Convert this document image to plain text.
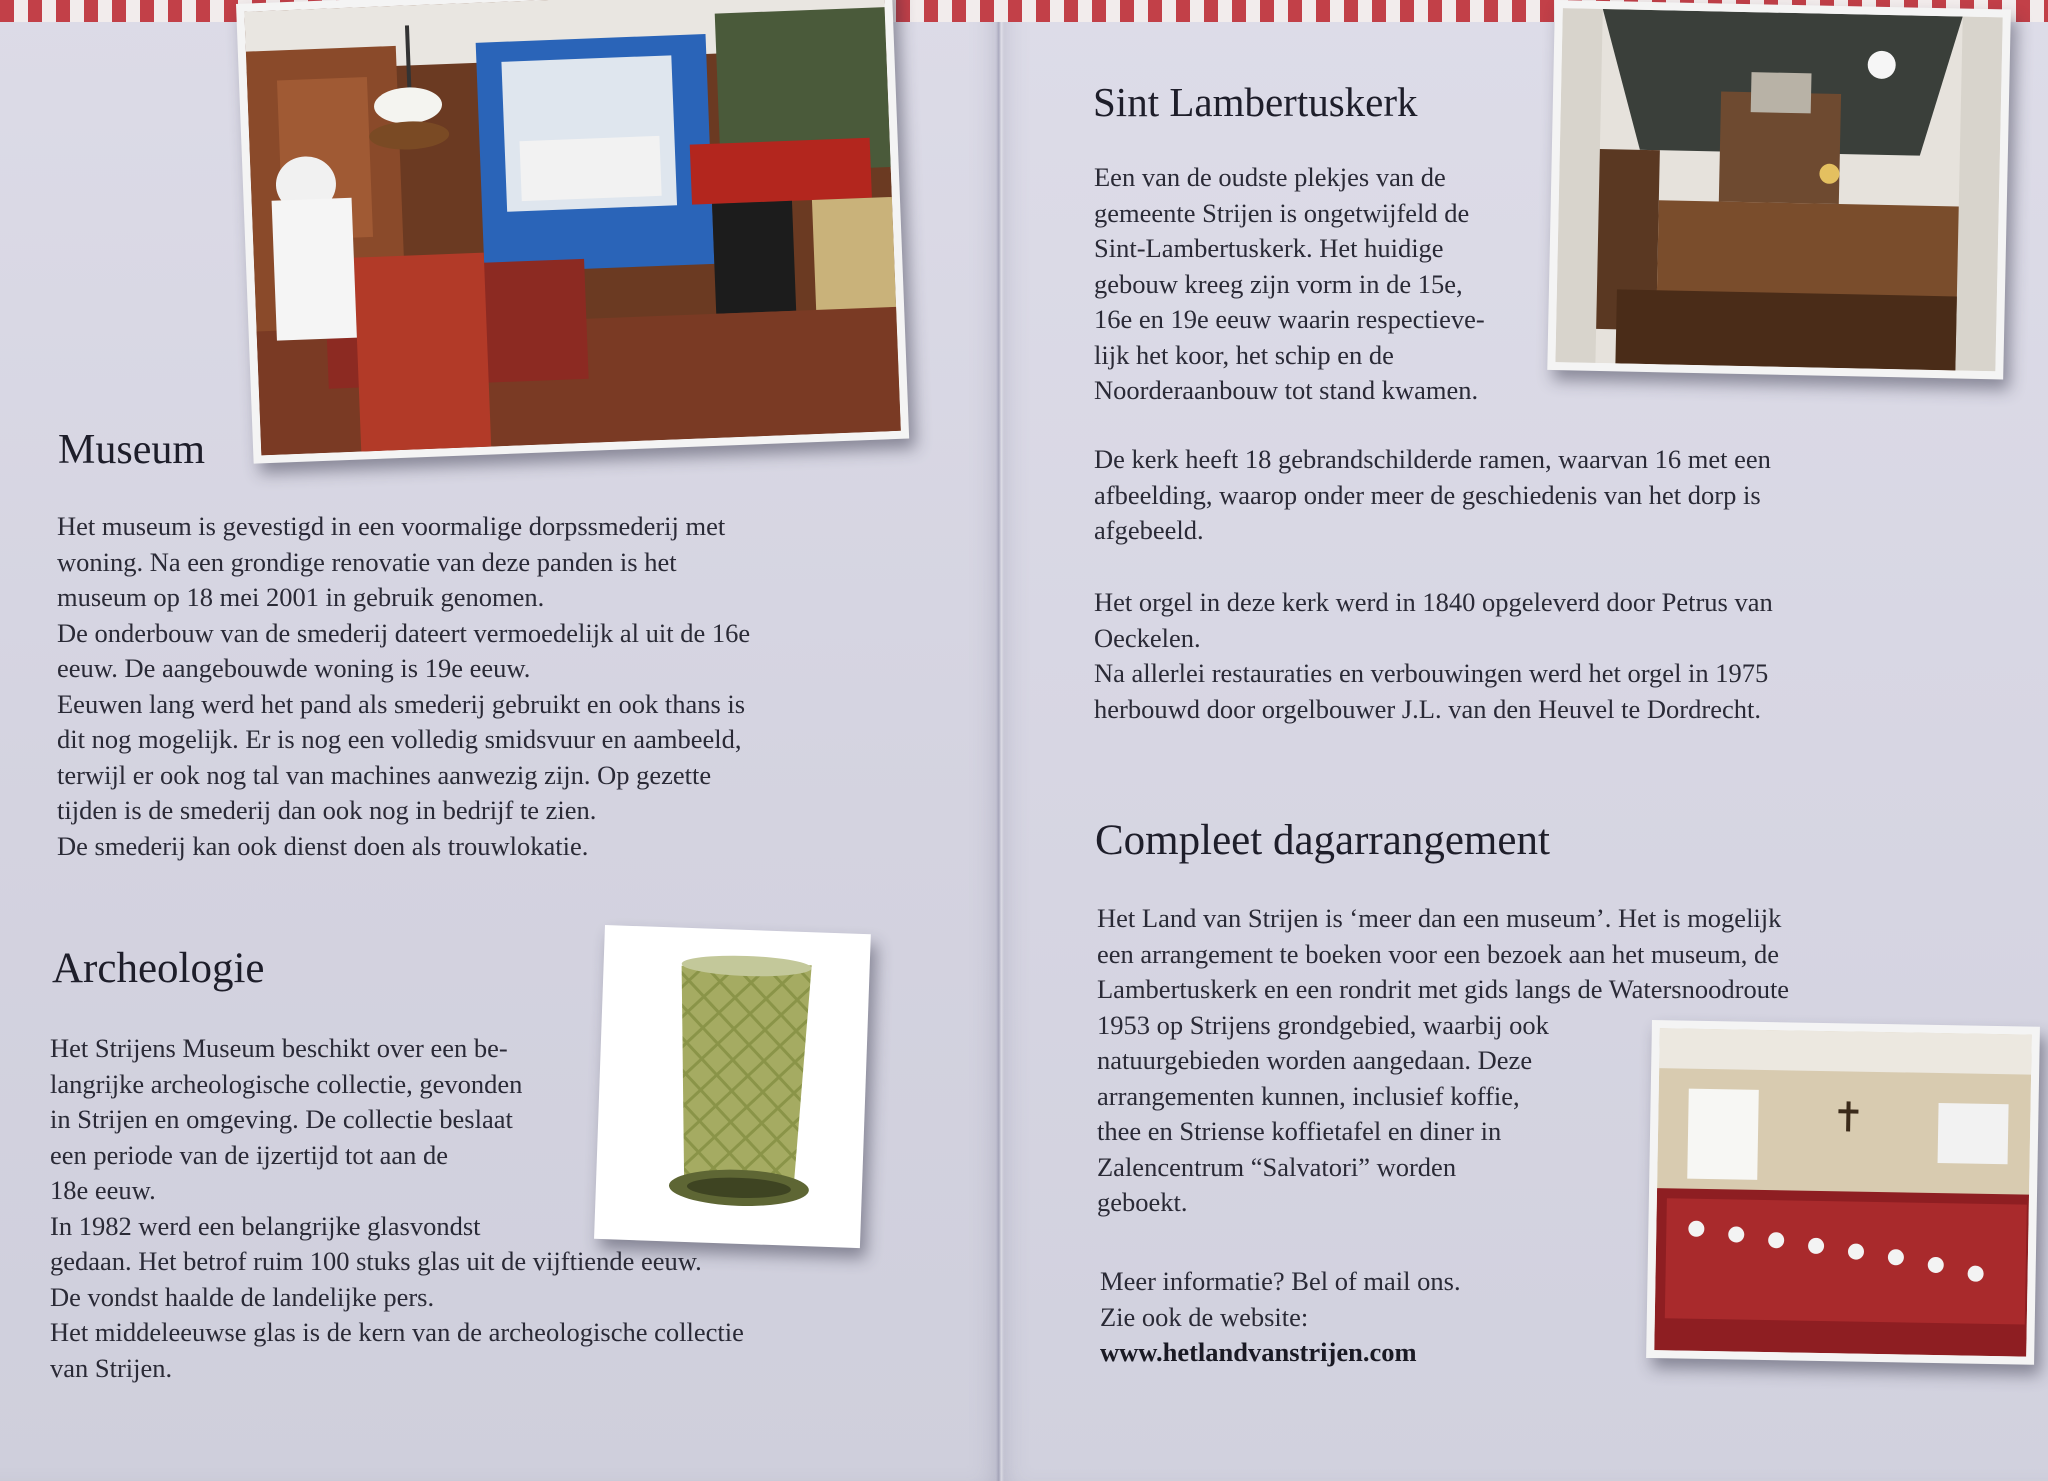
Museum
Het museum is gevestigd in een voormalige dorpssmederij met
woning. Na een grondige renovatie van deze panden is het
museum op 18 mei 2001 in gebruik genomen.
De onderbouw van de smederij dateert vermoedelijk al uit de 16e
eeuw. De aangebouwde woning is 19e eeuw.
Eeuwen lang werd het pand als smederij gebruikt en ook thans is
dit nog mogelijk. Er is nog een volledig smidsvuur en aambeeld,
terwijl er ook nog tal van machines aanwezig zijn. Op gezette
tijden is de smederij dan ook nog in bedrijf te zien.
De smederij kan ook dienst doen als trouwlokatie.
Archeologie
Het Strijens Museum beschikt over een be-
langrijke archeologische collectie, gevonden
in Strijen en omgeving. De collectie beslaat
een periode van de ijzertijd tot aan de
18e eeuw.
In 1982 werd een belangrijke glasvondst
gedaan. Het betrof ruim 100 stuks glas uit de vijftiende eeuw.
De vondst haalde de landelijke pers.
Het middeleeuwse glas is de kern van de archeologische collectie
van Strijen.
Sint Lambertuskerk
Een van de oudste plekjes van de
gemeente Strijen is ongetwijfeld de
Sint-Lambertuskerk. Het huidige
gebouw kreeg zijn vorm in de 15e,
16e en 19e eeuw waarin respectieve-
lijk het koor, het schip en de
Noorderaanbouw tot stand kwamen.
De kerk heeft 18 gebrandschilderde ramen, waarvan 16 met een
afbeelding, waarop onder meer de geschiedenis van het dorp is
afgebeeld.
Het orgel in deze kerk werd in 1840 opgeleverd door Petrus van
Oeckelen.
Na allerlei restauraties en verbouwingen werd het orgel in 1975
herbouwd door orgelbouwer J.L. van den Heuvel te Dordrecht.
Compleet dagarrangement
Het Land van Strijen is ‘meer dan een museum’. Het is mogelijk
een arrangement te boeken voor een bezoek aan het museum, de
Lambertuskerk en een rondrit met gids langs de Watersnoodroute
1953 op Strijens grondgebied, waarbij ook
natuurgebieden worden aangedaan. Deze
arrangementen kunnen, inclusief koffie,
thee en Striense koffietafel en diner in
Zalencentrum “Salvatori” worden
geboekt.
Meer informatie? Bel of mail ons.
Zie ook de website:
www.hetlandvanstrijen.com
